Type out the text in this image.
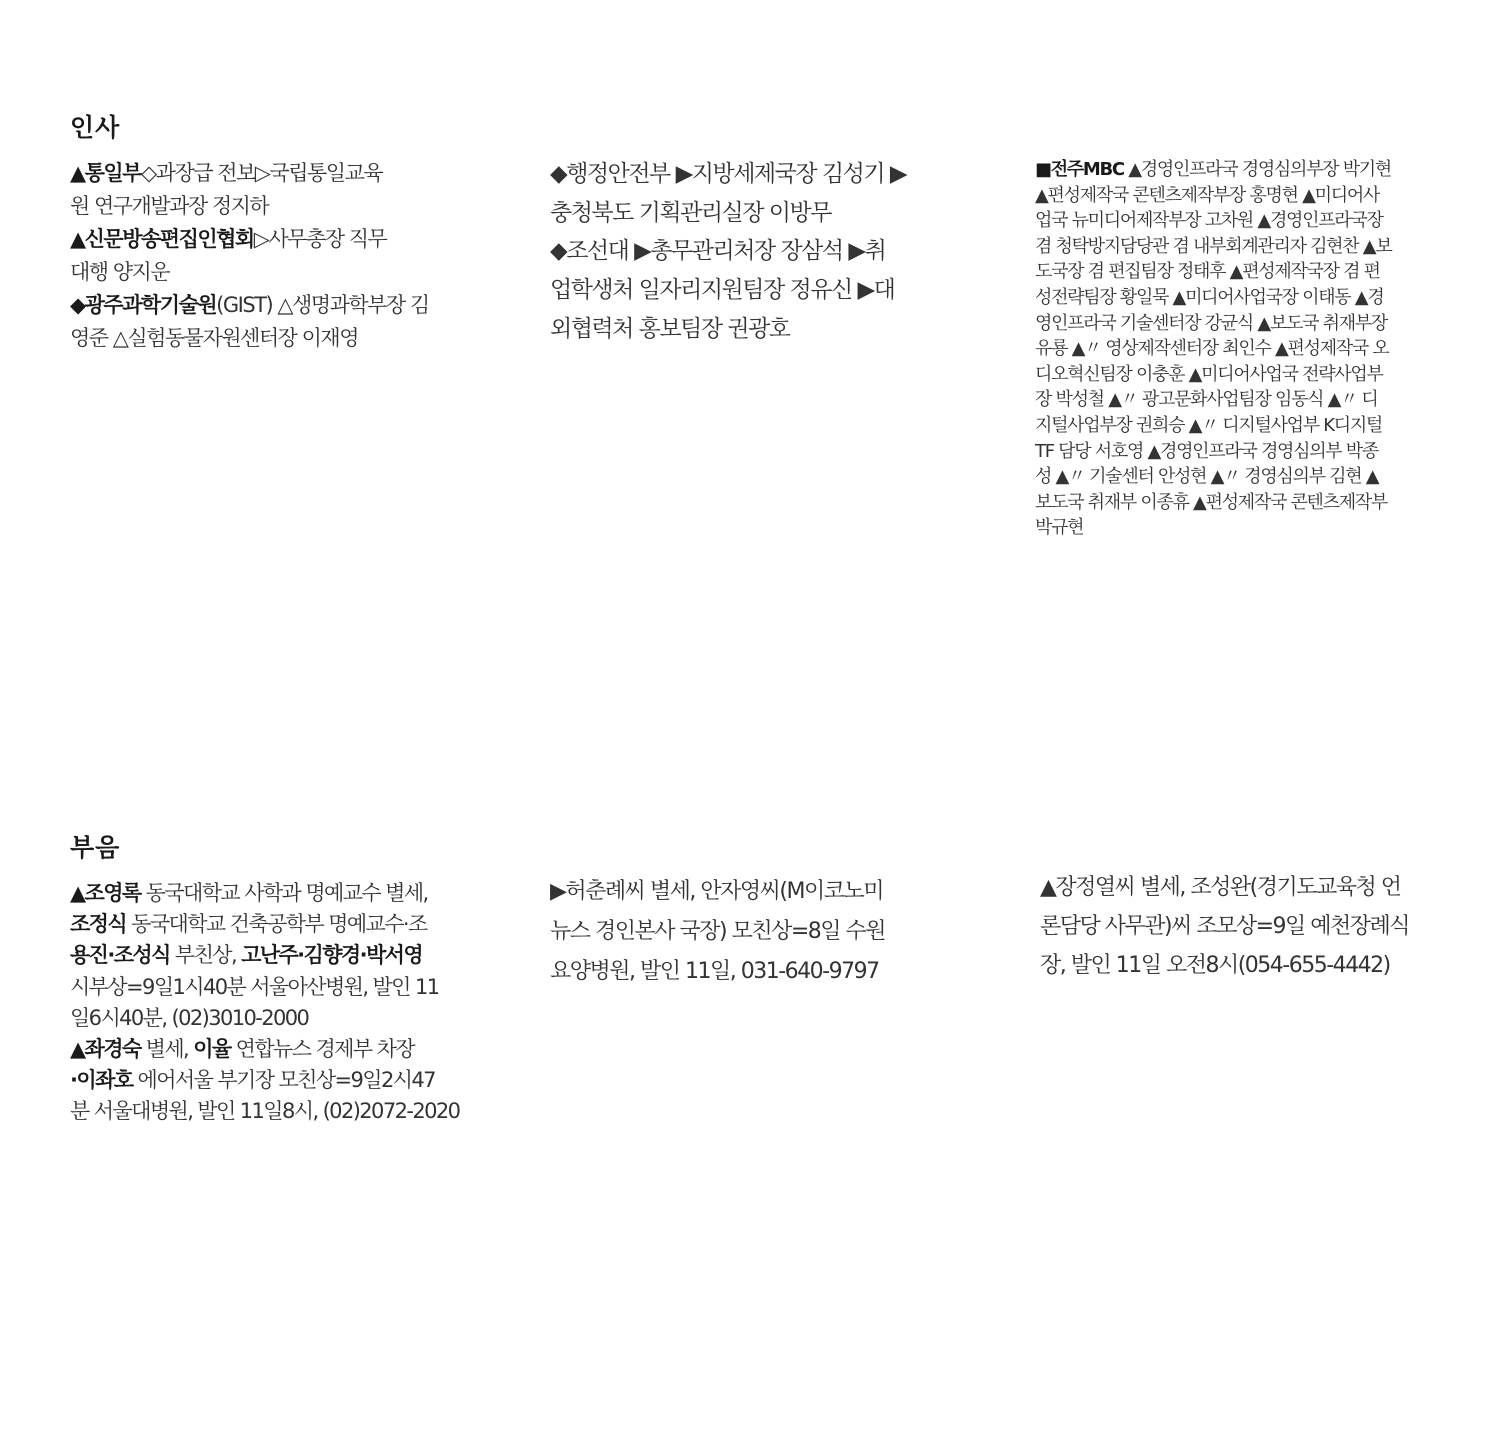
인사
▲통일부◇과장급 전보▷국립통일교육
원 연구개발과장 정지하
▲신문방송편집인협회▷사무총장 직무
대행 양지운
◆광주과학기술원(GIST) △생명과학부장 김
영준 △실험동물자원센터장 이재영
◆행정안전부 ▶지방세제국장 김성기 ▶
충청북도 기획관리실장 이방무
◆조선대 ▶총무관리처장 장삼석 ▶취
업학생처 일자리지원팀장 정유신 ▶대
외협력처 홍보팀장 권광호
■전주MBC ▲경영인프라국 경영심의부장 박기현
▲편성제작국 콘텐츠제작부장 홍명현 ▲미디어사
업국 뉴미디어제작부장 고차원 ▲경영인프라국장
겸 청탁방지담당관 겸 내부회계관리자 김현찬 ▲보
도국장 겸 편집팀장 정태후 ▲편성제작국장 겸 편
성전략팀장 황일묵 ▲미디어사업국장 이태동 ▲경
영인프라국 기술센터장 강균식 ▲보도국 취재부장
유룡 ▲〃 영상제작센터장 최인수 ▲편성제작국 오
디오혁신팀장 이충훈 ▲미디어사업국 전략사업부
장 박성철 ▲〃 광고문화사업팀장 임동식 ▲〃 디
지털사업부장 권희승 ▲〃 디지털사업부 K디지털
TF 담당 서호영 ▲경영인프라국 경영심의부 박종
성 ▲〃 기술센터 안성현 ▲〃 경영심의부 김현 ▲
보도국 취재부 이종휴 ▲편성제작국 콘텐츠제작부
박규현
부음
▲조영록 동국대학교 사학과 명예교수 별세,
조정식 동국대학교 건축공학부 명예교수·조
용진·조성식 부친상, 고난주·김향경·박서영
시부상=9일1시40분 서울아산병원, 발인 11
일6시40분, (02)3010-2000
▲좌경숙 별세, 이율 연합뉴스 경제부 차장
·이좌호 에어서울 부기장 모친상=9일2시47
분 서울대병원, 발인 11일8시, (02)2072-2020
▶허춘례씨 별세, 안자영씨(M이코노미
뉴스 경인본사 국장) 모친상=8일 수원
요양병원, 발인 11일, 031-640-9797
▲장정열씨 별세, 조성완(경기도교육청 언
론담당 사무관)씨 조모상=9일 예천장례식
장, 발인 11일 오전8시(054-655-4442)
